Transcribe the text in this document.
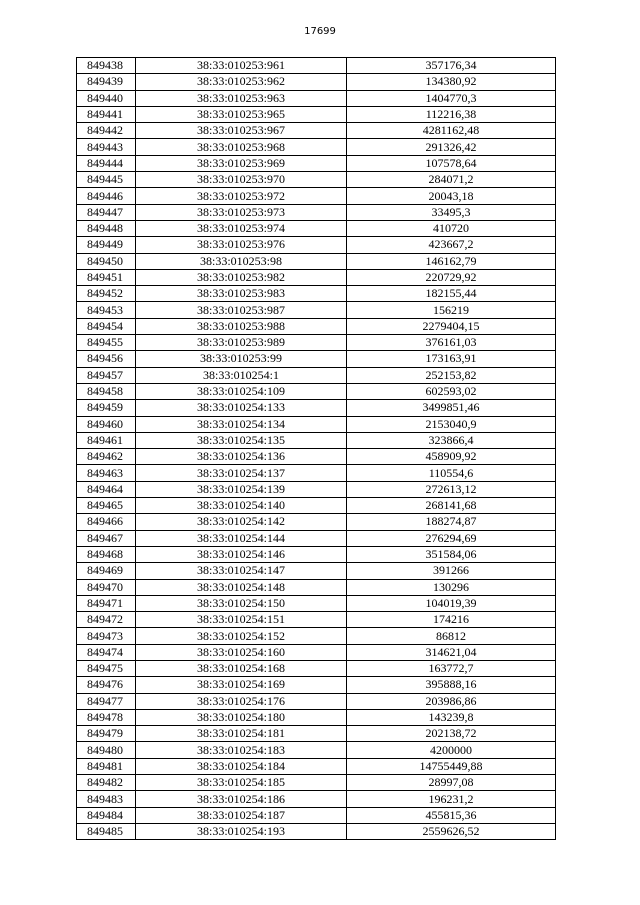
17699
849438	38:33:010253:961	357176,34
849439	38:33:010253:962	134380,92
849440	38:33:010253:963	1404770,3
849441	38:33:010253:965	112216,38
849442	38:33:010253:967	4281162,48
849443	38:33:010253:968	291326,42
849444	38:33:010253:969	107578,64
849445	38:33:010253:970	284071,2
849446	38:33:010253:972	20043,18
849447	38:33:010253:973	33495,3
849448	38:33:010253:974	410720
849449	38:33:010253:976	423667,2
849450	38:33:010253:98	146162,79
849451	38:33:010253:982	220729,92
849452	38:33:010253:983	182155,44
849453	38:33:010253:987	156219
849454	38:33:010253:988	2279404,15
849455	38:33:010253:989	376161,03
849456	38:33:010253:99	173163,91
849457	38:33:010254:1	252153,82
849458	38:33:010254:109	602593,02
849459	38:33:010254:133	3499851,46
849460	38:33:010254:134	2153040,9
849461	38:33:010254:135	323866,4
849462	38:33:010254:136	458909,92
849463	38:33:010254:137	110554,6
849464	38:33:010254:139	272613,12
849465	38:33:010254:140	268141,68
849466	38:33:010254:142	188274,87
849467	38:33:010254:144	276294,69
849468	38:33:010254:146	351584,06
849469	38:33:010254:147	391266
849470	38:33:010254:148	130296
849471	38:33:010254:150	104019,39
849472	38:33:010254:151	174216
849473	38:33:010254:152	86812
849474	38:33:010254:160	314621,04
849475	38:33:010254:168	163772,7
849476	38:33:010254:169	395888,16
849477	38:33:010254:176	203986,86
849478	38:33:010254:180	143239,8
849479	38:33:010254:181	202138,72
849480	38:33:010254:183	4200000
849481	38:33:010254:184	14755449,88
849482	38:33:010254:185	28997,08
849483	38:33:010254:186	196231,2
849484	38:33:010254:187	455815,36
849485	38:33:010254:193	2559626,52
